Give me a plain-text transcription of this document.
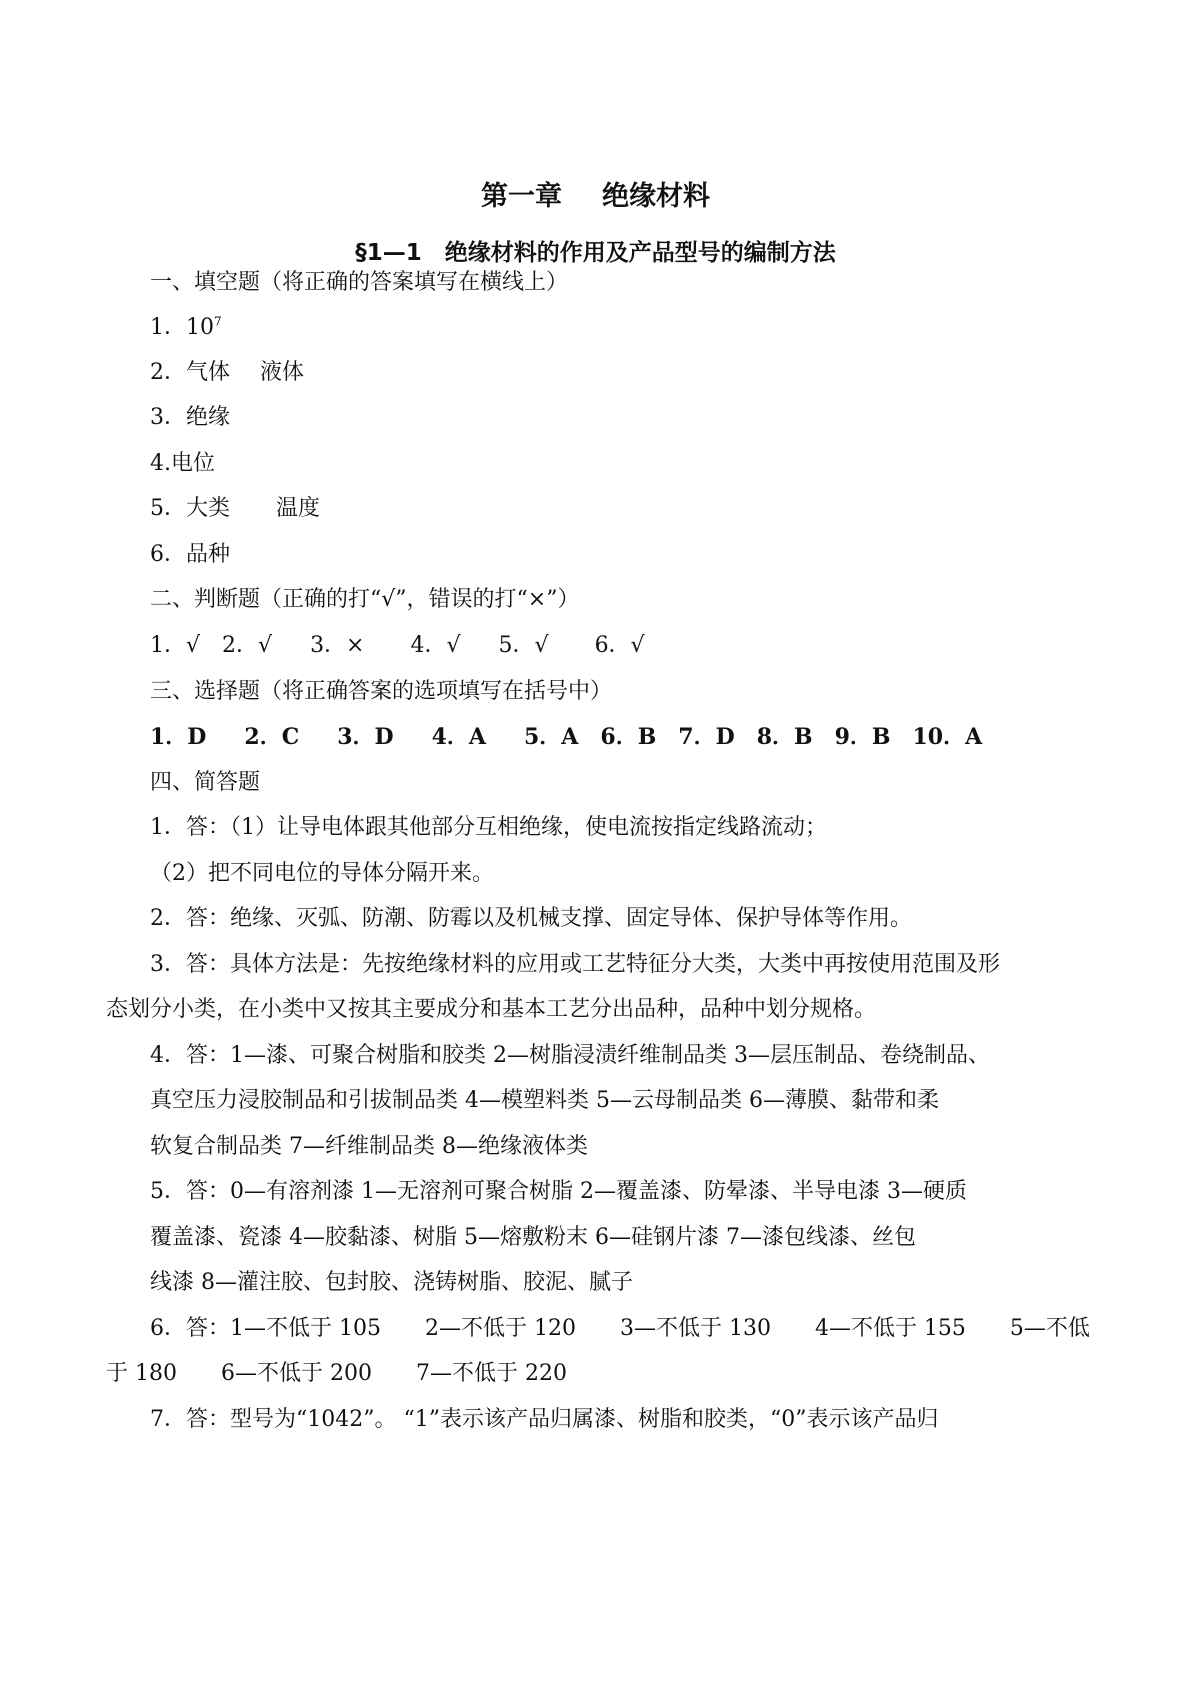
第一章 绝缘材料
§1—1　绝缘材料的作用及产品型号的编制方法
一、填空题（将正确的答案填写在横线上）
1．$10^7$
2．气体 液体
3．绝缘
4.电位
5．大类 温度
6．品种
二、判断题（正确的打“√”，错误的打“×”）
1．√ 2．√ 3．× 4．√ 5．√ 6．√
三、选择题（将正确答案的选项填写在括号中）
1．D 2．C 3．D 4．A 5．A 6．B 7．D 8．B 9．B 10．A
四、简答题
1．答：（1）让导电体跟其他部分互相绝缘，使电流按指定线路流动；
（2）把不同电位的导体分隔开来。
2．答：绝缘、灭弧、防潮、防霉以及机械支撑、固定导体、保护导体等作用。
3．答：具体方法是：先按绝缘材料的应用或工艺特征分大类，大类中再按使用范围及形
态划分小类，在小类中又按其主要成分和基本工艺分出品种，品种中划分规格。
4．答：1—漆、可聚合树脂和胶类 2—树脂浸渍纤维制品类 3—层压制品、卷绕制品、
真空压力浸胶制品和引拔制品类 4—模塑料类 5—云母制品类 6—薄膜、黏带和柔
软复合制品类 7—纤维制品类 8—绝缘液体类
5．答：0—有溶剂漆 1—无溶剂可聚合树脂 2—覆盖漆、防晕漆、半导电漆 3—硬质
覆盖漆、瓷漆 4—胶黏漆、树脂 5—熔敷粉末 6—硅钢片漆 7—漆包线漆、丝包
线漆 8—灌注胶、包封胶、浇铸树脂、胶泥、腻子
6．答：1—不低于 105　　2—不低于 120　　3—不低于 130　　4—不低于 155　　5—不低
于 180　　6—不低于 200　　7—不低于 220
7．答：型号为“1042”。 “1”表示该产品归属漆、树脂和胶类，“0”表示该产品归
